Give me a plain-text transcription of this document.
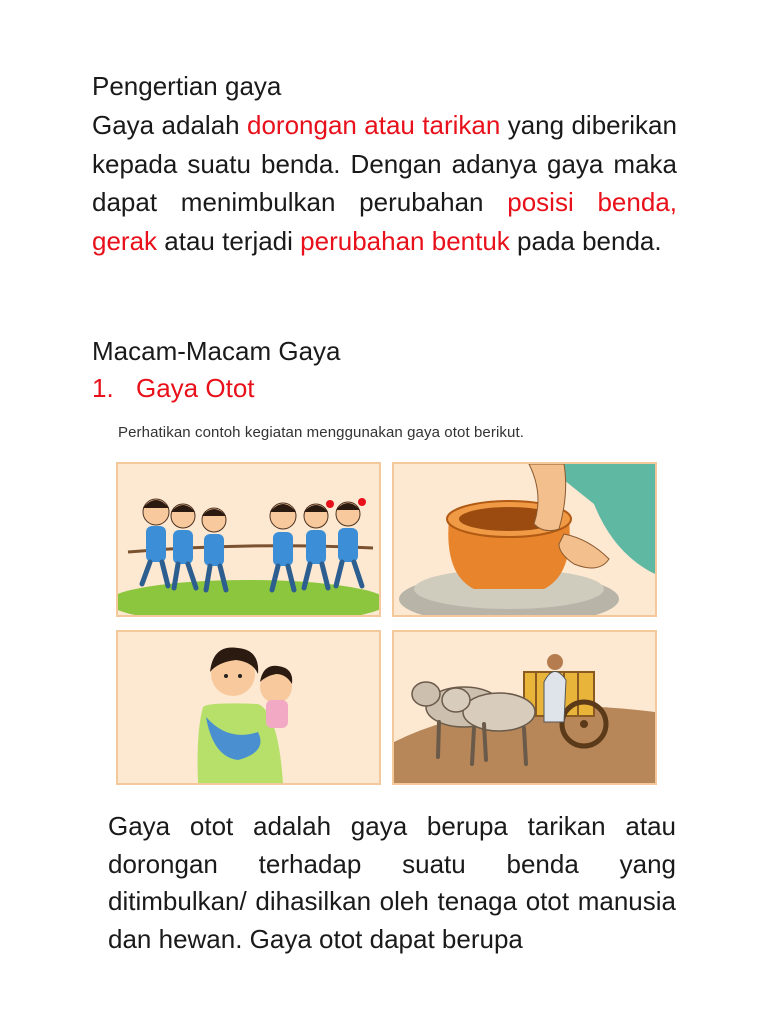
Pengertian gaya
Gaya adalah dorongan atau tarikan yang diberikan kepada suatu benda. Dengan adanya gaya maka dapat menimbulkan perubahan posisi benda, gerak atau terjadi perubahan bentuk pada benda.
Macam-Macam Gaya
1. Gaya Otot
Perhatikan contoh kegiatan menggunakan gaya otot berikut.
Gaya otot adalah gaya berupa tarikan atau dorongan terhadap suatu benda yang ditimbulkan/ dihasilkan oleh tenaga otot manusia dan hewan. Gaya otot dapat berupa
